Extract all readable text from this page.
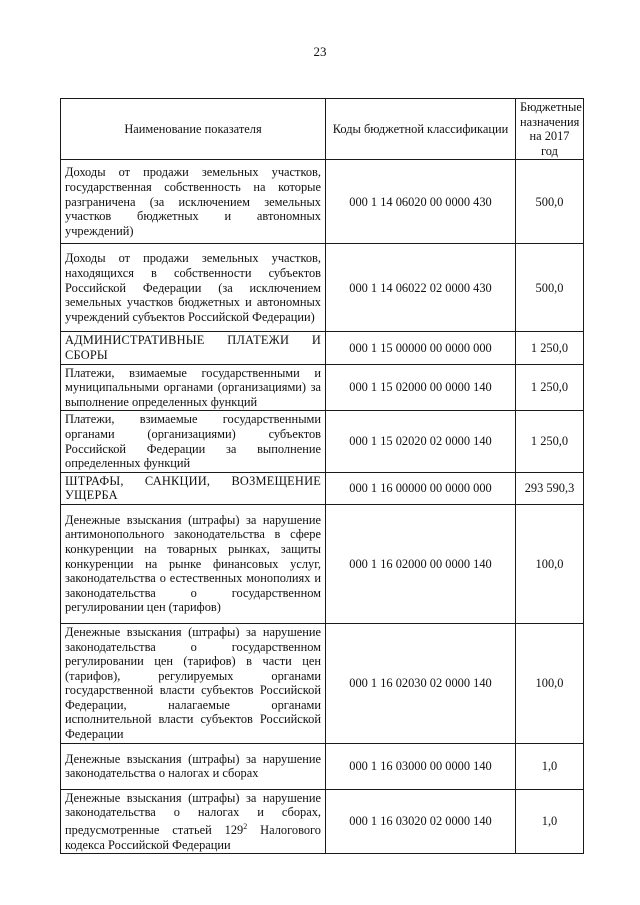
23
Наименование показателя	Коды бюджетной классификации	Бюджетные назначения на 2017 год
Доходы от продажи земельных участков, государственная собственность на которые разграничена (за исключением земельных участков бюджетных и автономных учреждений)	000 1 14 06020 00 0000 430	500,0
Доходы от продажи земельных участков, находящихся в собственности субъектов Российской Федерации (за исключением земельных участков бюджетных и автономных учреждений субъектов Российской Федерации)	000 1 14 06022 02 0000 430	500,0
АДМИНИСТРАТИВНЫЕ ПЛАТЕЖИ И СБОРЫ	000 1 15 00000 00 0000 000	1 250,0
Платежи, взимаемые государственными и муниципальными органами (организациями) за выполнение определенных функций	000 1 15 02000 00 0000 140	1 250,0
Платежи, взимаемые государственными органами (организациями) субъектов Российской Федерации за выполнение определенных функций	000 1 15 02020 02 0000 140	1 250,0
ШТРАФЫ, САНКЦИИ, ВОЗМЕЩЕНИЕ УЩЕРБА	000 1 16 00000 00 0000 000	293 590,3
Денежные взыскания (штрафы) за нарушение антимонопольного законодательства в сфере конкуренции на товарных рынках, защиты конкуренции на рынке финансовых услуг, законодательства о естественных монополиях и законодательства о государственном регулировании цен (тарифов)	000 1 16 02000 00 0000 140	100,0
Денежные взыскания (штрафы) за нарушение законодательства о государственном регулировании цен (тарифов) в части цен (тарифов), регулируемых органами государственной власти субъектов Российской Федерации, налагаемые органами исполнительной власти субъектов Российской Федерации	000 1 16 02030 02 0000 140	100,0
Денежные взыскания (штрафы) за нарушение законодательства о налогах и сборах	000 1 16 03000 00 0000 140	1,0
Денежные взыскания (штрафы) за нарушение законодательства о налогах и сборах, предусмотренные статьей $129^2$ Налогового кодекса Российской Федерации	000 1 16 03020 02 0000 140	1,0
